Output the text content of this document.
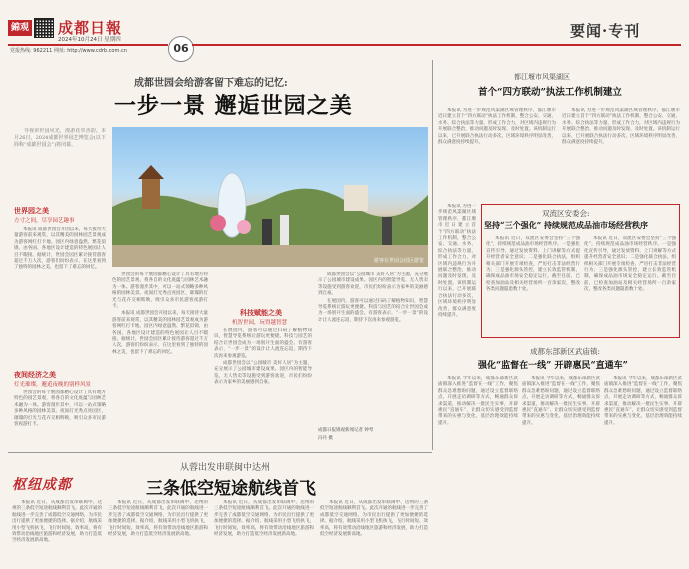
錦观 成都日報
2024年10月24日 星期四
06
要闻·专刊
党报热线: 962211 网址: http://www.cdrb.com.cn
成都世园会给游客留下难忘的记忆:
一步一景 邂逅世园之美

导视讲世园风光，漫游花草香韵。本月26日，2024成都世界园艺博览会(以下简称“成都世园会”)将闭幕。

世界园之美
方寸之间，尽享园艺趣事

本报讯 成都世园会开园以来，每天接待大量游客前来观赏，以其精美的园林园艺景观成为游客网红打卡地。园区内绿意盎然、繁花似锦，由各国、各地区设计建造的特色展园让人目不暇接。据统计，世园会园区累计接待游客超过千万人次，游客们纷纷表示，在这里看到了独特的园林之美，也留下了难忘的回忆。

夜间经济之美
灯光璀璨，邂逅夜晚的别样风景

世园会的每个展园都精心设计了具有地方特色的园艺景观，将各自的文化底蕴与园林艺术融为一体。游客漫步其中，可以一站式领略多种风格的园林美景。夜间灯光秀点亮园区，璀璨的灯光与花卉交相辉映，吸引众多市民游客夜游打卡。

游客在世园会园区游览

世园会的每个展园都精心设计了具有地方特色的园艺景观，将各自的文化底蕴与园林艺术融为一体。游客漫步其中，可以一站式领略多种风格的园林美景。夜间灯光秀点亮园区，璀璨的灯光与花卉交相辉映，吸引众多市民游客夜游打卡。

本报讯 成都世园会开园以来，每天接待大量游客前来观赏，以其精美的园林园艺景观成为游客网红打卡地。园区内绿意盎然、繁花似锦，由各国、各地区设计建造的特色展园让人目不暇接。据统计，世园会园区累计接待游客超过千万人次，游客们纷纷表示，在这里看到了独特的园林之美，也留下了难忘的回忆。

科技赋能之美
机智世园，玩得越智慧

在展园内，游客可以通过扫码了解植物知识，智慧导览系统让游玩更便捷。科技与园艺的结合让世园会成为一场别开生面的盛会。有游客表示，“一步一景”的设计让人流连忘返，期待下次再来参观游览。

成都世园会以“公园城市 美好人居”为主题，充分展示了公园城市建设成果。园区内的智能导览、无人售卖等设施受到游客欢迎，市民们纷纷表示为家乡的美丽感到自豪。

成都世园会以“公园城市 美好人居”为主题，充分展示了公园城市建设成果。园区内的智能导览、无人售卖等设施受到游客欢迎，市民们纷纷表示为家乡的美丽感到自豪。

在展园内，游客可以通过扫码了解植物知识，智慧导览系统让游玩更便捷。科技与园艺的结合让世园会成为一场别开生面的盛会。有游客表示，“一步一景”的设计让人流连忘返，期待下次再来参观游览。

成都日报锦观新闻记者 钟琴
冯丹 摄
都江堰市风渠湖区
首个“四方联动”执法工作机制建立

本报讯 为进一步规范风渠湖区域管理秩序，都江堰市近日建立首个“四方联动”执法工作机制，整合公安、交通、水务、综合执法等力量，形成工作合力，对区域内违规行为开展联合整治，推动问题及时发现、及时处置。该机制运行以来，已开展联合执法行动多次，区域环境秩序明显改善，群众满意度持续提升。

本报讯 为进一步规范风渠湖区域管理秩序，都江堰市近日建立首个“四方联动”执法工作机制，整合公安、交通、水务、综合执法等力量，形成工作合力，对区域内违规行为开展联合整治，推动问题及时发现、及时处置。该机制运行以来，已开展联合执法行动多次，区域环境秩序明显改善，群众满意度持续提升。

双流区安委会:
坚持“三个强化” 持续规范成品油市场经营秩序

本报讯 近日，双流区安委会坚持“三个强化”，持续规范成品油市场经营秩序。一是强化宣传引导，通过发放资料、上门讲解等方式提升经营者安全意识；二是强化联合执法，组织相关部门开展专项检查，严厉打击非法经营行为；三是强化源头管控，建立长效监管机制，确保成品油市场安全稳定运行。截至目前，已检查加油站及相关经营场所一百余家次，整改各类问题隐患数十处。

本报讯 近日，双流区安委会坚持“三个强化”，持续规范成品油市场经营秩序。一是强化宣传引导，通过发放资料、上门讲解等方式提升经营者安全意识；二是强化联合执法，组织相关部门开展专项检查，严厉打击非法经营行为；三是强化源头管控，建立长效监管机制，确保成品油市场安全稳定运行。截至目前，已检查加油站及相关经营场所一百余家次，整改各类问题隐患数十处。

本报讯 为进一步规范风渠湖区域管理秩序，都江堰市近日建立首个“四方联动”执法工作机制，整合公安、交通、水务、综合执法等力量，形成工作合力，对区域内违规行为开展联合整治，推动问题及时发现、及时处置。该机制运行以来，已开展联合执法行动多次，区域环境秩序明显改善，群众满意度持续提升。

成都东部新区武庙镇:
强化“监督在一线” 开辟惠民“直通车”

本报讯 今年以来，成都东部新区武庙镇深入推进“监督在一线”工作，聚焦群众急难愁盼问题，通过设立监督联络点、开展走访调研等方式，畅通群众诉求渠道，推动解决一批民生实事，开辟惠民“直通车”，让群众切实感受到监督带来的实惠与变化，基层治理效能持续提升。

本报讯 今年以来，成都东部新区武庙镇深入推进“监督在一线”工作，聚焦群众急难愁盼问题，通过设立监督联络点、开展走访调研等方式，畅通群众诉求渠道，推动解决一批民生实事，开辟惠民“直通车”，让群众切实感受到监督带来的实惠与变化，基层治理效能持续提升。

本报讯 今年以来，成都东部新区武庙镇深入推进“监督在一线”工作，聚焦群众急难愁盼问题，通过设立监督联络点、开展走访调研等方式，畅通群众诉求渠道，推动解决一批民生实事，开辟惠民“直通车”，让群众切实感受到监督带来的实惠与变化，基层治理效能持续提升。

枢纽成都
从蓉出发串联闽中达州
三条低空短途航线首飞

本报讯 近日，从成都出发串联闽中、达州的三条低空短途航线顺利首飞。此次开通的航线进一步完善了成都低空交通网络，为市民出行提供了更加便捷的选择。据介绍，航线采用小型飞机执飞，飞行时间短、效率高，将有效带动沿线地区旅游和经济发展，助力打造低空经济发展新高地。

本报讯 近日，从成都出发串联闽中、达州的三条低空短途航线顺利首飞。此次开通的航线进一步完善了成都低空交通网络，为市民出行提供了更加便捷的选择。据介绍，航线采用小型飞机执飞，飞行时间短、效率高，将有效带动沿线地区旅游和经济发展，助力打造低空经济发展新高地。

本报讯 近日，从成都出发串联闽中、达州的三条低空短途航线顺利首飞。此次开通的航线进一步完善了成都低空交通网络，为市民出行提供了更加便捷的选择。据介绍，航线采用小型飞机执飞，飞行时间短、效率高，将有效带动沿线地区旅游和经济发展，助力打造低空经济发展新高地。

本报讯 近日，从成都出发串联闽中、达州的三条低空短途航线顺利首飞。此次开通的航线进一步完善了成都低空交通网络，为市民出行提供了更加便捷的选择。据介绍，航线采用小型飞机执飞，飞行时间短、效率高，将有效带动沿线地区旅游和经济发展，助力打造低空经济发展新高地。
